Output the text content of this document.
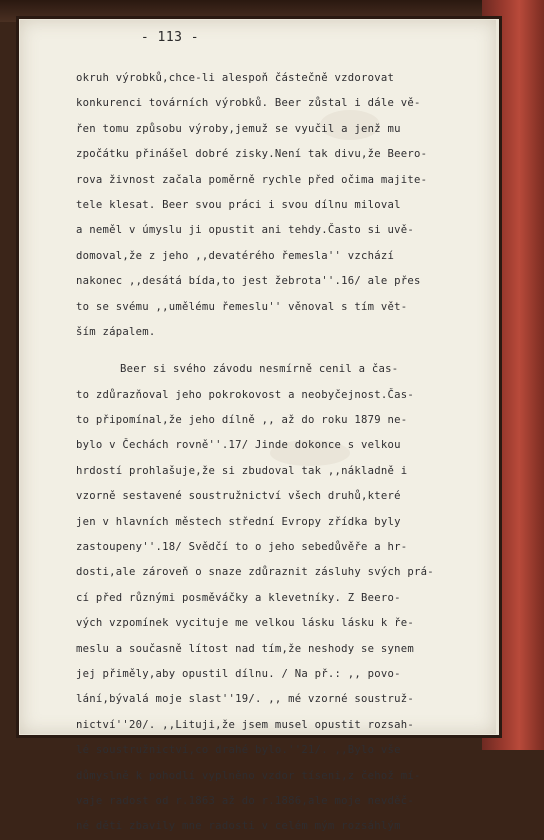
- 113 -
okruh výrobků,chce-li alespoň částečně vzdorovat
konkurenci továrních výrobků. Beer zůstal i dále vě-
řen tomu způsobu výroby,jemuž se vyučil a jenž mu
zpočátku přinášel dobré zisky.Není tak divu,že Beero-
rova živnost začala poměrně rychle před očima majite-
tele klesat. Beer svou práci i svou dílnu miloval
a neměl v úmyslu ji opustit ani tehdy.Často si uvě-
domoval,že z jeho ,,devatérého řemesla'' vzchází
nakonec ,,desátá bída,to jest žebrota''.16/ ale přes
to se svému ,,umělému řemeslu'' věnoval s tím vět-
ším zápalem.
Beer si svého závodu nesmírně cenil a čas-
to zdůrazňoval jeho pokrokovost a neobyčejnost.Čas-
to připomínal,že jeho dílně ,, až do roku 1879 ne-
bylo v Čechách rovně''.17/ Jinde dokonce s velkou
hrdostí prohlašuje,že si zbudoval tak ,,nákladně i
vzorně sestavené soustružnictví všech druhů,které
jen v hlavních městech střední Evropy zřídka byly
zastoupeny''.18/ Svědčí to o jeho sebedůvěře a hr-
dosti,ale zároveň o snaze zdůraznit zásluhy svých prá-
cí před různými posměváčky a klevetníky. Z Beero-
vých vzpomínek vycituje me velkou lásku lásku k ře-
meslu a současně lítost nad tím,že neshody se synem
jej přiměly,aby opustil dílnu. / Na př.: ,, povo-
lání,bývalá moje slast''19/. ,, mé vzorné soustruž-
nictví''20/. ,,Lituji,že jsem musel opustit rozsah-
lé soustružnictví,co drahé bylo.''21/. ,,Bylo vše
důmyslně k pohodlí vyplněno vzdor tíseni,z čehož mí-
vaje radost od r.1863 až do r.1886,ale moje nevděč-
né děti zbavily mne radosti v celém mým rozsáhlým
